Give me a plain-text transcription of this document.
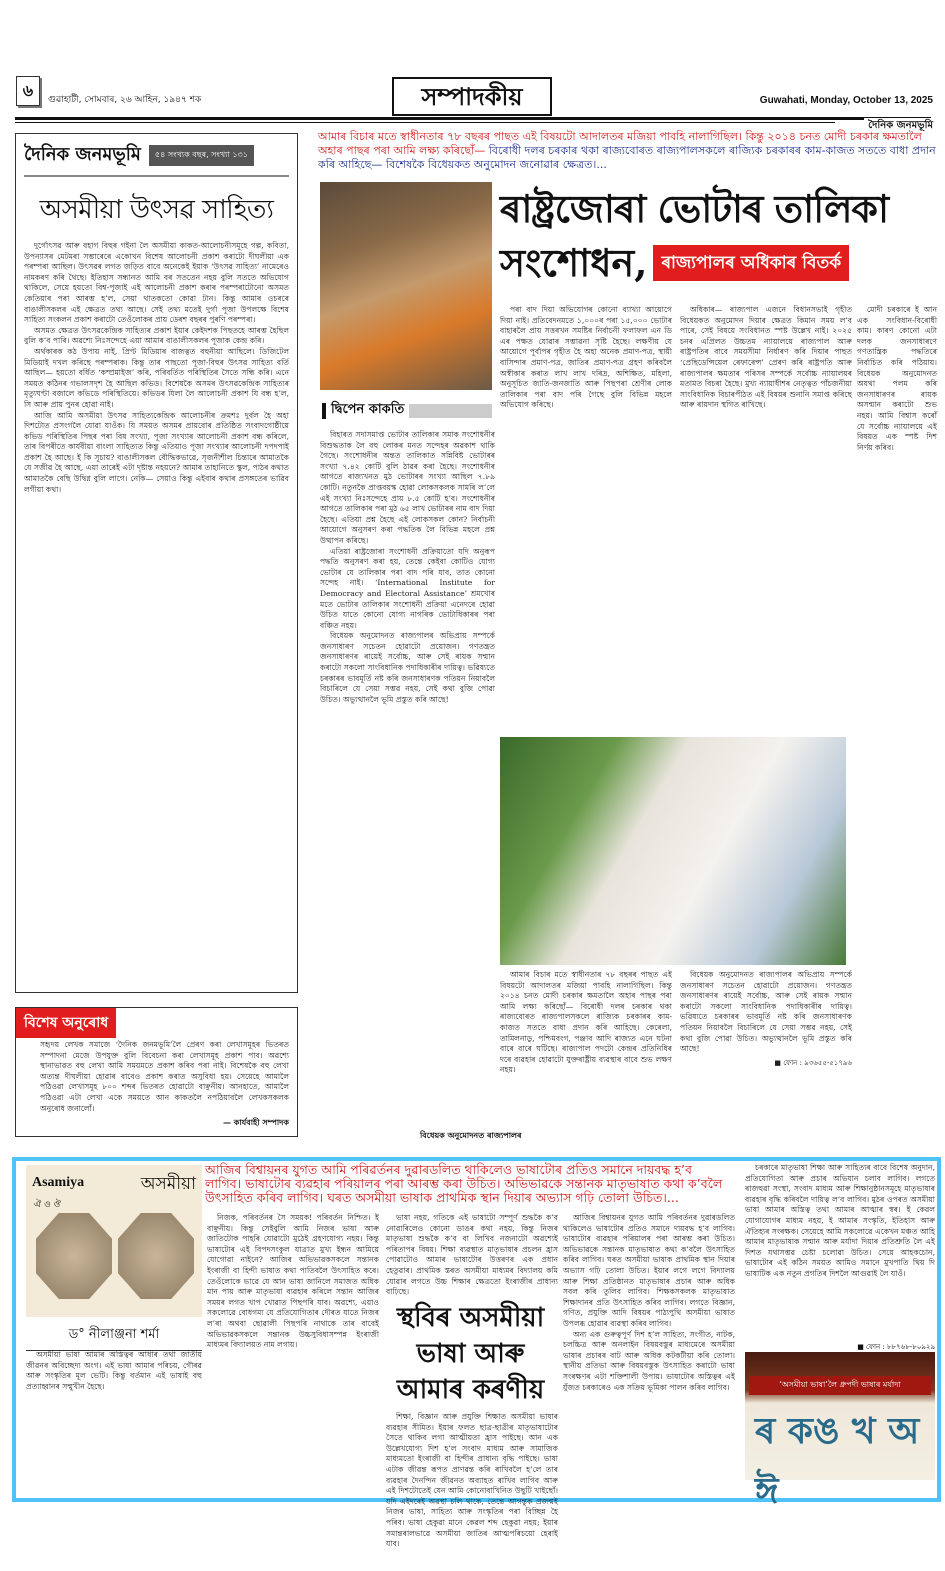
৬	গুৱাহাটী, সোমবাৰ, ২৬ আহিন, ১৯৪৭ শক	সম্পাদকীয়	Guwahati, Monday, October 13, 2025
দৈনিক জনমভূমি
দৈনিক জনমভূমি	৫৪ সংখ্যক বছৰ, সংখ্যা ১৩১
অসমীয়া উৎসৱ সাহিত্য

দুৰ্গোৎসৱ আৰু বহাগ বিহুৰ গইনা লৈ অসমীয়া কাকত-আলোচনীসমূহে গল্প, কবিতা, উপন্যাসৰ মেটমৰা সম্ভাৰেৰে একোখন বিশেষ আলোচনী প্ৰকাশ কৰাটো দীঘলীয়া এক পৰম্পৰা আছিল। উৎসৱৰ লগত জড়িত বাবে অনেকেই ইয়াক ‘উৎসৱ সাহিত্য’ নামেৰেও নামকৰণ কৰি থৈছে। ইতিহাস সন্ধানত আমি বৰ সততেন নহয় বুলি সততে অভিযোগ থাকিলে, সেয়ে হয়তো বিশ্ব-পূজাই এই আলোচনী প্ৰকাশ কৰাৰ পৰম্পৰাটোনো অসমত কেতিয়াৰ পৰা আৰম্ভ হ’ল, সেয়া থাতকতো কোৱা টান। কিন্তু আমাৰ ওচৰৰে বাঙালীসকলৰ এই ক্ষেত্ৰত তথ্য আছে। সেই তথ্য মতেই দুৰ্গা পূজা উপলক্ষে বিশেষ সাহিত্য সংকলন প্ৰকাশ কৰাটো তেওঁলোকৰ প্ৰায় ডেৰশ বছৰৰ পুৰণি পৰম্পৰা।

অসমত ক্ষেত্ৰত উৎসৱকেন্দ্ৰিক সাহিত্যৰ প্ৰকাশ ইয়াৰ কেইদশক পিছতহে আৰম্ভ হৈছিল বুলি ক’ব পাৰি। অৱশ্যে নিঃসন্দেহে এয়া আমাৰ বাঙালীসকলৰ পূজাক কেন্দ্ৰ কৰি।

অৰ্থকাৰক কঠ উপায় নাই, প্ৰিণ্ট মিডিয়াৰ বাজত্বত বহুনীয়া আছিলে। ডিজিটেল মিডিয়াই দখল কৰিছে পৰম্পৰাক। কিন্তু তাৰ পাছতো পূজা-বিহুৰ উৎসৱ সাহিত্য বৰ্তি আছিল— হয়তো বৰ্ধিত ‘কম্প্ৰমাইজ’ কৰি, পৰিবৰ্তিত পৰিস্থিতিৰ সৈতে সন্ধি কৰি। এনে সময়ত কঠিনৰ গভালসদৃশ হৈ আছিল কভিড। বিশেষকৈ অসমৰ উৎসৱকেন্দ্ৰিক সাহিত্যৰ মৃত্যুঘণ্টা বজালে কভিডে পৰিস্থিতিয়ে। কভিডৰ যিলা লৈ আলোচনী প্ৰকাশ যি বন্ধ হ’ল, সি আৰু প্ৰায় পুনৰ হোৱা নাই।

আজি আমি অসমীয়া উৎসৱ সাহিত্যকেন্দ্ৰিক আলোচনীৰ ক্ৰমশঃ দুৰ্বল হৈ অহা দিশটোত প্ৰসংগলৈ যোৱা যাওঁক। যি সময়ত অসমৰ প্ৰায়বোৰ প্ৰতিষ্ঠিত সংবাদগোষ্ঠীয়ে কভিড পৰিস্থিতিৰ পিছৰ পৰা বিষ সংখ্যা, পূজা সংখ্যাৰ আলোচনী প্ৰকাশ বন্ধ কৰিলে, তাৰ বিপৰীতে কাৰ্যবীয়া বাংলা সাহিত্যত কিন্তু এতিয়াও পূজা সংখ্যাৰ আলোচনী দপদপাই প্ৰকাশ হৈ আছে। ই কি সূচায়? বাঙালীসকল বৌদ্ধিকভাৱে, সৃজনীশীল চিন্তাৰে আমাতকৈ যে সজীৱ হৈ আছে, এয়া তাৰেই এটা দৃষ্টান্ত নহয়নে? আমাৰ তাহানিতে স্কুল, পাঠৰ কথাত আমাতকৈ বেছি উদ্বিগ্ন বুলি লাগে। নেকি— সেয়াও কিন্তু এইবাৰ কথাৰ প্ৰসঙ্গতেৰ ভাৱিব লগীয়া কথা।

বিশেষ অনুৰোধ
সহৃদয় লেখক সমাজে ‘দৈনিক জনমভূমি’লৈ প্ৰেৰণ কৰা লেখাসমূহৰ ভিতৰত সম্পাদনা মেজে উপযুক্ত বুলি বিবেচনা কৰা লেখাসমূহ প্ৰকাশ পাব। অৱশ্যে স্থানাভাৱত বহু লেখা আমি সময়মতে প্ৰকাশ কৰিব পৰা নাই। বিশেষকৈ বহু লেখা অত্যন্ত দীঘলীয়া হোৱাৰ বাবেও প্ৰকাশ কৰাত অসুবিধা হয়। সেয়েহে আমালৈ পঠিওৱা লেখাসমূহ ৮০০ শব্দৰ ভিতৰত হোৱাটো বাঞ্ছনীয়। আনহাতে, আমালৈ পঠিওৱা এটা লেখা একে সময়তে আন কাকতলৈ নপঠিয়াবলৈ লেখকসকলক অনুৰোধ জনালোঁ।
— কাৰ্যবাহী সম্পাদক
আমাৰ বিচাৰ মতে স্বাধীনতাৰ ৭৮ বছৰৰ পাছত এই বিষয়টো আদালতৰ মজিয়া পাবহি নালাগিছিল। কিন্তু ২০১৪ চনত মোদী চৰকাৰ ক্ষমতালৈ অহাৰ পাছৰ পৰা আমি লক্ষ্য কৰিছোঁ— বিৰোধী দলৰ চৰকাৰ থকা ৰাজ্যবোৰত ৰাজ্যপালসকলে ৰাজ্যিক চৰকাৰৰ কাম-কাজত সততে বাধা প্ৰদান কৰি আহিছে— বিশেষকৈ বিধেয়কত অনুমোদন জনোৱাৰ ক্ষেত্ৰত।...
ৰাষ্ট্ৰজোৰা ভোটাৰ তালিকা
সংশোধন, ৰাজ্যপালৰ অধিকাৰ বিতৰ্ক
দ্বিপেন কাকতি

বিহাৰত সদাসমাপ্ত ভোটাৰ তালিকাৰ সমাক সংশোধনীৰ বিশুদ্ধতাক লৈ বহু লোকৰ মনত সন্দেহৰ অৱকাশ থাকি গৈছে। সংশোধনীৰ অন্তত তালিকাত সন্নিবিষ্ট ভোটাৰৰ সংখ্যা ৭.৪২ কোটি বুলি ঠাৱৰ কৰা হৈছে। সংশোধনীৰ আগতে ৰাজ্যখনত মুঠ ভোটাৰৰ সংখ্যা আছিল ৭.৮৯ কোটি। নতুনকৈ প্ৰাপ্তবয়স্ক হোৱা লোকসকলক সামৰি ল’লে এই সংখ্যা নিঃসন্দেহে প্ৰায় ৮.৫ কোটি হ’ব। সংশোধনীৰ আগতে তালিকাৰ পৰা মুঠ ৬৫ লাখ ভোটাৰৰ নাম বাদ দিয়া হৈছে। এতিয়া প্ৰশ্ন হৈছে এই লোকসকল কোন? নিৰ্বাচনী আয়োগে অনুসৰণ কৰা পদ্ধতিক লৈ বিভিন্ন মহলে প্ৰশ্ন উত্থাপন কৰিছে।

এতিয়া ৰাষ্ট্ৰজোৰা সংশোধনী প্ৰক্ৰিয়াতো যদি অনুৰূপ পদ্ধতি অনুসৰণ কৰা হয়, তেন্তে কেইবা কোটিও যোগ্য ভোটাৰ যে তালিকাৰ পৰা বাদ পৰি যাব, তাত কোনো সন্দেহ নাই। ‘International Institute for Democracy and Electoral Assistance’ শ্ৰমখোৰ মতে ভোটাৰ তালিকাৰ সংশোধনী প্ৰক্ৰিয়া এনেদৰে হোৱা উচিত যাতে কোনো যোগ্য নাগৰিক ভোটাধিকাৰৰ পৰা বঞ্চিত নহয়।

বিধেয়ক অনুমোদনত ৰাজ্যপালৰ অভিপ্ৰায় সম্পৰ্কে জনসাধাৰণ সচেতন হোৱাটো প্ৰয়োজন। গণতন্ত্ৰত জনসাধাৰণৰ ৰায়েই সৰ্বোচ্চ, আৰু সেই ৰায়ক সন্মান কৰাটো সকলো সাংবিধানিক পদাধিকাৰীৰ দায়িত্ব। ভৱিষ্যতে চৰকাৰৰ ভাবমূৰ্তি নষ্ট কৰি জনসাধাৰণক পতিয়ন নিয়াবলৈ বিচাৰিলে যে সেয়া সম্ভৱ নহয়, সেই কথা বুজি পোৱা উচিত। অভ্যুত্থানলৈ ভূমি প্ৰস্তুত কৰি আছে!

পৰা বাদ দিয়া অভিযোগৰ কোনো ব্যাখ্যা আয়োগে দিয়া নাই। প্ৰতিবেদনমতে ১,০০০ৰ পৰা ১৫,০০০ ভোটাৰ বাহাৰলৈ প্ৰায় সত্তৰখন সমষ্টিৰ নিৰ্বাচনী ফলাফল এন ডি এৰ পক্ষত যোৱাৰ সম্ভাৱনা সৃষ্টি হৈছে। লক্ষণীয় যে আয়োগে পূৰ্বাপৰ গৃহীত হৈ অহা অনেক প্ৰমাণ-পত্ৰ, স্থায়ী বাসিন্দাৰ প্ৰমাণ-পত্ৰ, জাতিৰ প্ৰমাণ-পত্ৰ গ্ৰহণ কৰিবলৈ অস্বীকাৰ কৰাত লাখ লাখ দৰিদ্ৰ, অশিক্ষিত, মহিলা, অনুসূচিত জাতি-জনজাতি আৰু পিছপৰা শ্ৰেণীৰ লোক তালিকাৰ পৰা বাদ পৰি গৈছে বুলি বিভিন্ন মহলে অভিযোগ কৰিছে।

অধিকাৰ— ৰাজ্যপাল এজনে বিধানসভাই গৃহীত বিধেয়কত অনুমোদন দিয়াৰ ক্ষেত্ৰত কিমান সময় ল’ব পাৰে, সেই বিষয়ে সংবিধানত স্পষ্ট উল্লেখ নাই। ২০২৫ চনৰ এপ্ৰিলত উচ্চতম ন্যায়ালয়ে ৰাজ্যপাল আৰু ৰাষ্ট্ৰপতিৰ বাবে সময়সীমা নিৰ্ধাৰণ কৰি দিয়াৰ পাছত ‘প্ৰেছিডেন্সিয়েল ৰেফাৰেন্স’ প্ৰেৰণ কৰি ৰাষ্ট্ৰপতি আৰু ৰাজ্যপালৰ ক্ষমতাৰ পৰিসৰ সম্পৰ্কে সৰ্বোচ্চ ন্যায়ালয়ৰ মতামত বিচৰা হৈছে। মুখ্য ন্যায়াধীশৰ নেতৃত্বত পাঁচজনীয়া সাংবিধানিক বিচাৰপীঠত এই বিষয়ৰ শুনানি সমাপ্ত কৰিছে আৰু ৰায়দান স্থগিত ৰাখিছে।

মোদী চৰকাৰে ই আন এক সংবিধান-বিৰোধী কাম। কাৰণ কোনো এটা দলক জনসাধাৰণে গণতান্ত্ৰিক পদ্ধতিৰে নিৰ্বাচিত কৰি পঠিয়ায়। বিধেয়ক অনুমোদনত অযথা পলম কৰি জনসাধাৰণৰ ৰায়ক অসন্মান কৰাটো শুভ নহয়। আমি বিশ্বাস কৰোঁ যে সৰ্বোচ্চ ন্যায়ালয়ে এই বিষয়ত এক স্পষ্ট দিশ নিৰ্ণয় কৰিব।

আমাৰ বিচাৰ মতে স্বাধীনতাৰ ৭৮ বছৰৰ পাছত এই বিষয়টো আদালতৰ মজিয়া পাবহি নালাগিছিল। কিন্তু ২০১৪ চনত মোদী চৰকাৰ ক্ষমতালৈ অহাৰ পাছৰ পৰা আমি লক্ষ্য কৰিছোঁ— বিৰোধী দলৰ চৰকাৰ থকা ৰাজ্যবোৰত ৰাজ্যপালসকলে ৰাজ্যিক চৰকাৰৰ কাম-কাজত সততে বাধা প্ৰদান কৰি আহিছে। কেৰেলা, তামিলনাডু, পশ্চিমবংগ, পঞ্জাব আদি ৰাজ্যত এনে ঘটনা বাৰে বাৰে ঘটিছে। ৰাজ্যপাল পদটো কেন্দ্ৰৰ প্ৰতিনিধিৰ দৰে ব্যৱহাৰ হোৱাটো যুক্তৰাষ্ট্ৰীয় ব্যৱস্থাৰ বাবে শুভ লক্ষণ নহয়।

বিধেয়ক অনুমোদনত ৰাজ্যপালৰ অভিপ্ৰায় সম্পৰ্কে জনসাধাৰণ সচেতন হোৱাটো প্ৰয়োজন। গণতন্ত্ৰত জনসাধাৰণৰ ৰায়েই সৰ্বোচ্চ, আৰু সেই ৰায়ক সন্মান কৰাটো সকলো সাংবিধানিক পদাধিকাৰীৰ দায়িত্ব। ভৱিষ্যতে চৰকাৰৰ ভাবমূৰ্তি নষ্ট কৰি জনসাধাৰণক পতিয়ন নিয়াবলৈ বিচাৰিলে যে সেয়া সম্ভৱ নহয়, সেই কথা বুজি পোৱা উচিত। অভ্যুত্থানলৈ ভূমি প্ৰস্তুত কৰি আছে!

■ ফোন : ৯৩৬৫৫-৫১৭৯৬
বিধেয়ক অনুমোদনত ৰাজ্যপালৰ
Asamiya	অসমীয়া
ঐ ও ঔ
ড° নীলাঞ্জনা শৰ্মা

অসমীয়া ভাষা আমাৰ অস্তিত্বৰ আধাৰ তথা জাতীয় জীৱনৰ অবিচ্ছেদ্য অংগ। এই ভাষা আমাৰ পৰিচয়, গৌৰৱ আৰু সংস্কৃতিৰ মূল ভেটি। কিন্তু বৰ্তমান এই ভাষাই বহু প্ৰত্যাহ্বানৰ সন্মুখীন হৈছে।

আজিৰ বিশ্বায়নৰ যুগত আমি পৰিৱৰ্তনৰ দুৱাৰডলিত থাকিলেও ভাষাটোৰ প্ৰতিও সমানে দায়বদ্ধ হ’ব লাগিব। ভাষাটোৰ ব্যৱহাৰ পৰিয়ালৰ পৰা আৰম্ভ কৰা উচিত। অভিভাৱকে সন্তানক মাতৃভাষাত কথা ক’বলৈ উৎসাহিত কৰিব লাগিব। ঘৰত অসমীয়া ভাষাক প্ৰাথমিক স্থান দিয়াৰ অভ্যাস গঢ়ি তোলা উচিত।...

নিজক, পৰিবৰ্তনৰ সৈ সময়ক! পৰিবৰ্তন নিশ্চিত। ই বাঞ্ছনীয়। কিন্তু সেইবুলি আমি নিজৰ ভাষা আৰু জাতিটোক পাহৰি যোৱাটো মুঠেই গ্ৰহণযোগ্য নহয়। কিন্তু ভাষাটোৰ এই বিপদসংকুল যাত্ৰাত মুখ্য ইন্ধন আমিয়ে যোগোৱা নাইনে? আজিৰ অভিভাৱকসকলে সন্তানক ইংৰাজী বা হিন্দী ভাষাত কথা পাতিবলৈ উৎসাহিত কৰে। তেওঁলোকে ভাৱে যে আন ভাষা জানিলে সমাজত অধিক মান পায় আৰু মাতৃভাষা ব্যৱহাৰ কৰিলে সন্তান আজিৰ সময়ৰ লগত খাপ খোৱাত পিছপৰি যাব। অৱশ্যে, এয়াও সকলোৱে বোধগম্য যে প্ৰতিযোগিতাৰ দৌৰত যাতে নিজৰ ল’ৰা অথবা ছোৱালী পিছপৰি নাথাকে তাৰ বাবেই অভিভাৱকসকলে সন্তানক উচ্চসুবিধাসম্পন্ন ইংৰাজী মাধ্যমৰ বিদ্যালয়ত নাম লগায়।

ভাষা নহয়, গতিকে এই ভাষাটো সম্পূৰ্ণ শুদ্ধকৈ ক’ব নোৱাৰিলেও কোনো ডাঙৰ কথা নহয়, কিন্তু নিজৰ মাতৃভাষা শুদ্ধকৈ ক’ব বা লিখিব নজনাটো অৱশ্যেই পৰিতাপৰ বিষয়। শিক্ষা ব্যৱস্থাত মাতৃভাষাৰ প্ৰচলন হ্ৰাস পোৱাটোও আমাৰ ভাষাটোৰ উত্তৰণৰ এক প্ৰধান হেতুৱাৰ। প্ৰাথমিক স্তৰত অসমীয়া মাধ্যমৰ বিদ্যালয় কমি যোৱাৰ লগতে উচ্চ শিক্ষাৰ ক্ষেত্ৰতো ইংৰাজীৰ প্ৰাধান্য বাঢ়িছে।

স্থবিৰ অসমীয়া ভাষা আৰু আমাৰ কৰণীয়

শিক্ষা, বিজ্ঞান আৰু প্ৰযুক্তি শিক্ষাত অসমীয়া ভাষাৰ ব্যৱহাৰ সীমিত। ইয়াৰ ফলত ছাত্ৰ-ছাত্ৰীৰ মাতৃভাষাটোৰ সৈতে থাকিব লগা আত্মীয়তা হ্ৰাস পাইছে। আন এক উল্লেখযোগ্য দিশ হ’ল সংবাদ মাধ্যম আৰু সামাজিক মাধ্যমতো ইংৰাজী বা হিন্দীৰ প্ৰাধান্য বৃদ্ধি পাইছে। ভাষা এটাক জীৱন্ত ৰূপত প্ৰাণৱন্ত কৰি ৰাখিবলৈ হ’লে তাৰ ব্যৱহাৰ দৈনন্দিন জীৱনত অব্যাহত ৰাখিব লাগিব আৰু এই দিশটোতেই যেন আমি কোনোবাখিনিত উছুটি খাইছোঁ। যদি এইদৰেই অৱস্থা চলি থাকে, তেন্তে আগন্তুক প্ৰজন্মই নিজৰ ভাষা, সাহিত্য আৰু সংস্কৃতিৰ পৰা বিচ্ছিন্ন হৈ পৰিব। ভাষা হেকুৱা মানে কেৱল শব্দ হেকুৱা নহয়; ইয়াৰ সমান্তৰালভাৱে অসমীয়া জাতিৰ আত্মপৰিচয়ো হেৰাই যাব।

আজিৰ বিশ্বায়নৰ যুগত আমি পৰিবৰ্তনৰ দুৱাৰডলিত থাকিলেও ভাষাটোৰ প্ৰতিও সমানে দায়বদ্ধ হ’ব লাগিব। ভাষাটোৰ ব্যৱহাৰ পৰিয়ালৰ পৰা আৰম্ভ কৰা উচিত। অভিভাৱকে সন্তানক মাতৃভাষাত কথা ক’বলৈ উৎসাহিত কৰিব লাগিব। ঘৰত অসমীয়া ভাষাক প্ৰাথমিক স্থান দিয়াৰ অভ্যাস গঢ়ি তোলা উচিত। ইয়াৰ লগে লগে বিদ্যালয় আৰু শিক্ষা প্ৰতিষ্ঠানত মাতৃভাষাৰ প্ৰচাৰ আৰু অধিক সবল কৰি তুলিব লাগিব। শিক্ষকসকলক মাতৃভাষাত শিক্ষাদানৰ প্ৰতি উৎসাহিত কৰিব লাগিব। লগতে বিজ্ঞান, গণিত, প্ৰযুক্তি আদি বিষয়ৰ পাঠ্যপুথি অসমীয়া ভাষাত উপলব্ধ হোৱাৰ ব্যৱস্থা কৰিব লাগিব।

অন্য এক গুৰুত্বপূৰ্ণ দিশ হ’ল সাহিত্য, সংগীত, নাটক, চলচ্চিত্ৰ আৰু অনলাইন বিষয়বস্তুৰ মাধ্যমেৰে অসমীয়া ভাষাৰ প্ৰচাৰৰ বাট আৰু অধিক কটকটীয়া কৰি তোলা। স্থানীয় প্ৰতিভা আৰু বিষয়বস্তুক উৎসাহিত কৰাটো ভাষা সংৰক্ষণৰ এটা শক্তিশালী উপায়। ভাষাটোৰ অস্তিত্বৰ এই যুঁজত চৰকাৰেও এক সক্ৰিয় ভূমিকা পালন কৰিব লাগিব।

চৰকাৰে মাতৃভাষা শিক্ষা আৰু সাহিত্যৰ বাবে বিশেষ অনুদান, প্ৰতিযোগিতা আৰু প্ৰচাৰ অভিযান চলাব লাগিব। লগতে ৰাজহুৱা সংস্থা, সংবাদ মাধ্যম আৰু শিক্ষানুষ্ঠানসমূহে মাতৃভাষাৰ ব্যৱহাৰ বৃদ্ধি কৰিবলৈ দায়িত্ব ল’ব লাগিব। মুঠৰ ওপৰত অসমীয়া ভাষা আমাৰ অস্তিত্ব তথা আমাৰ আত্মাৰ স্বৰ। ই কেৱল যোগাযোগৰ মাধ্যম নহয়, ই আমাৰ সংস্কৃতি, ইতিহাস আৰু ঐতিহ্যৰ সংৰক্ষক। সেয়েহে আমি সকলোৱে একেখন মঞ্চত আহি আমাৰ মাতৃভাষাক সন্মান আৰু মৰ্যাদা দিয়াৰ প্ৰতিশ্ৰুতি লৈ এই দিশত যথাসম্ভৱ চেষ্টা চলোৱা উচিত। সেয়ে আহকচোন, ভাষাটোৰ এই কঠিন সময়ত আমিও সমানে মুখপাতি থিয় দি ভাষাটিক এক নতুন প্ৰগতিৰ দিশলৈ আগুৱাই লৈ যাওঁ।

■ ফোন : ৮৮৭৬৮-৮০৯২৯
‘অসমীয়া ভাষা’লৈ ধ্ৰুপদী ভাষাৰ মৰ্যাদা
ৰ কঙ খ অ ঈ
